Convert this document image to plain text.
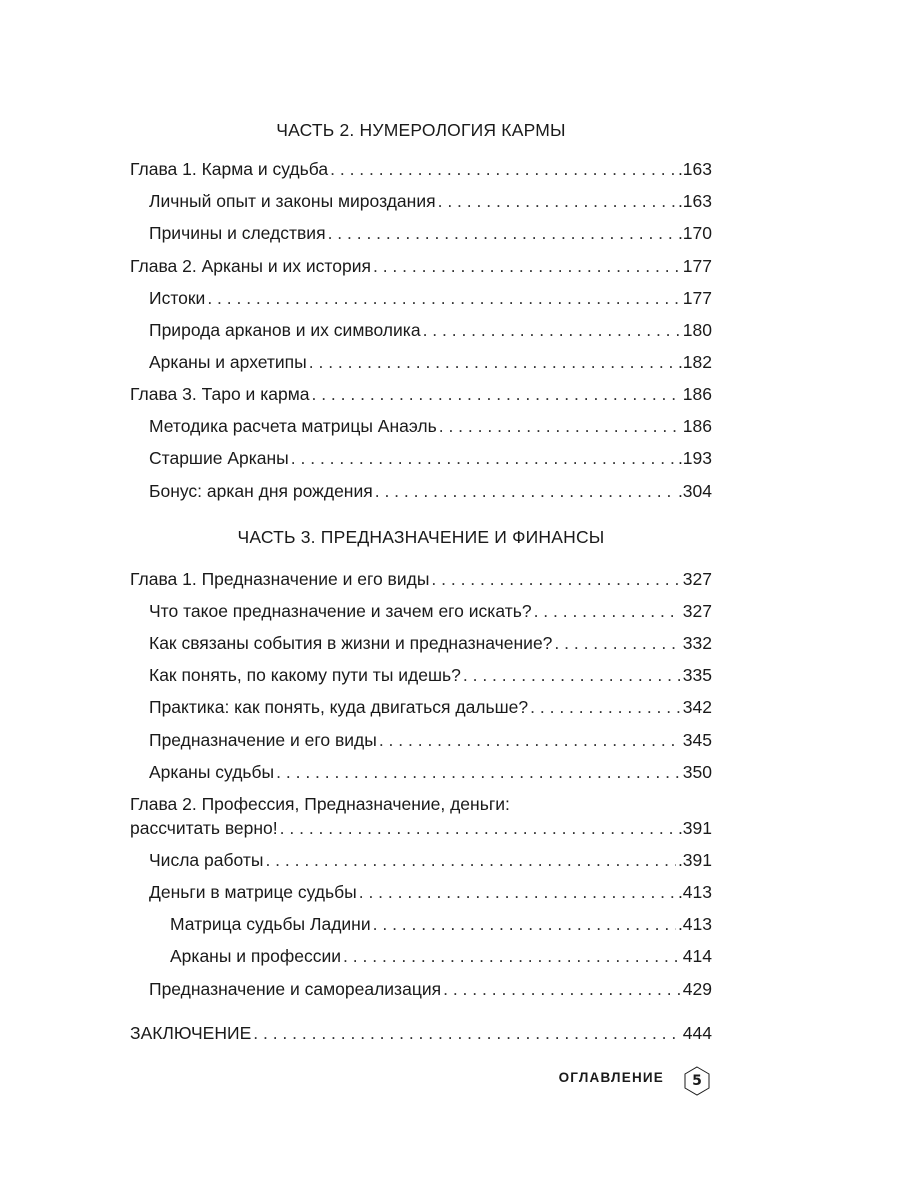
ЧАСТЬ 2. НУМЕРОЛОГИЯ КАРМЫ
Глава 1. Карма и судьба . . .	.163
Личный опыт и законы мироздания . . .	.163
Причины и следствия . . .	.170
Глава 2. Арканы и их история . . .	177
Истоки . . .	177
Природа арканов и их символика . . .	180
Арканы и архетипы . . .	.182
Глава 3. Таро и карма . . .	186
Методика расчета матрицы Анаэль . . .	186
Старшие Арканы . . .	.193
Бонус: аркан дня рождения . . .	.304
ЧАСТЬ 3. ПРЕДНАЗНАЧЕНИЕ И ФИНАНСЫ
Глава 1. Предназначение и его виды . . .	327
Что такое предназначение и зачем его искать? . . .	327
Как связаны события в жизни и предназначение? . . .	332
Как понять, по какому пути ты идешь? . . .	335
Практика: как понять, куда двигаться дальше? . . .	342
Предназначение и его виды . . .	345
Арканы судьбы . . .	350
Глава 2. Профессия, Предназначение, деньги:
рассчитать верно! . . .	.391
Числа работы . . .	.391
Деньги в матрице судьбы . . .	.413
Матрица судьбы Ладини . . .	.413
Арканы и профессии . . .	414
Предназначение и самореализация . . .	429
ЗАКЛЮЧЕНИЕ . . .	444
ОГЛАВЛЕНИЕ	5
